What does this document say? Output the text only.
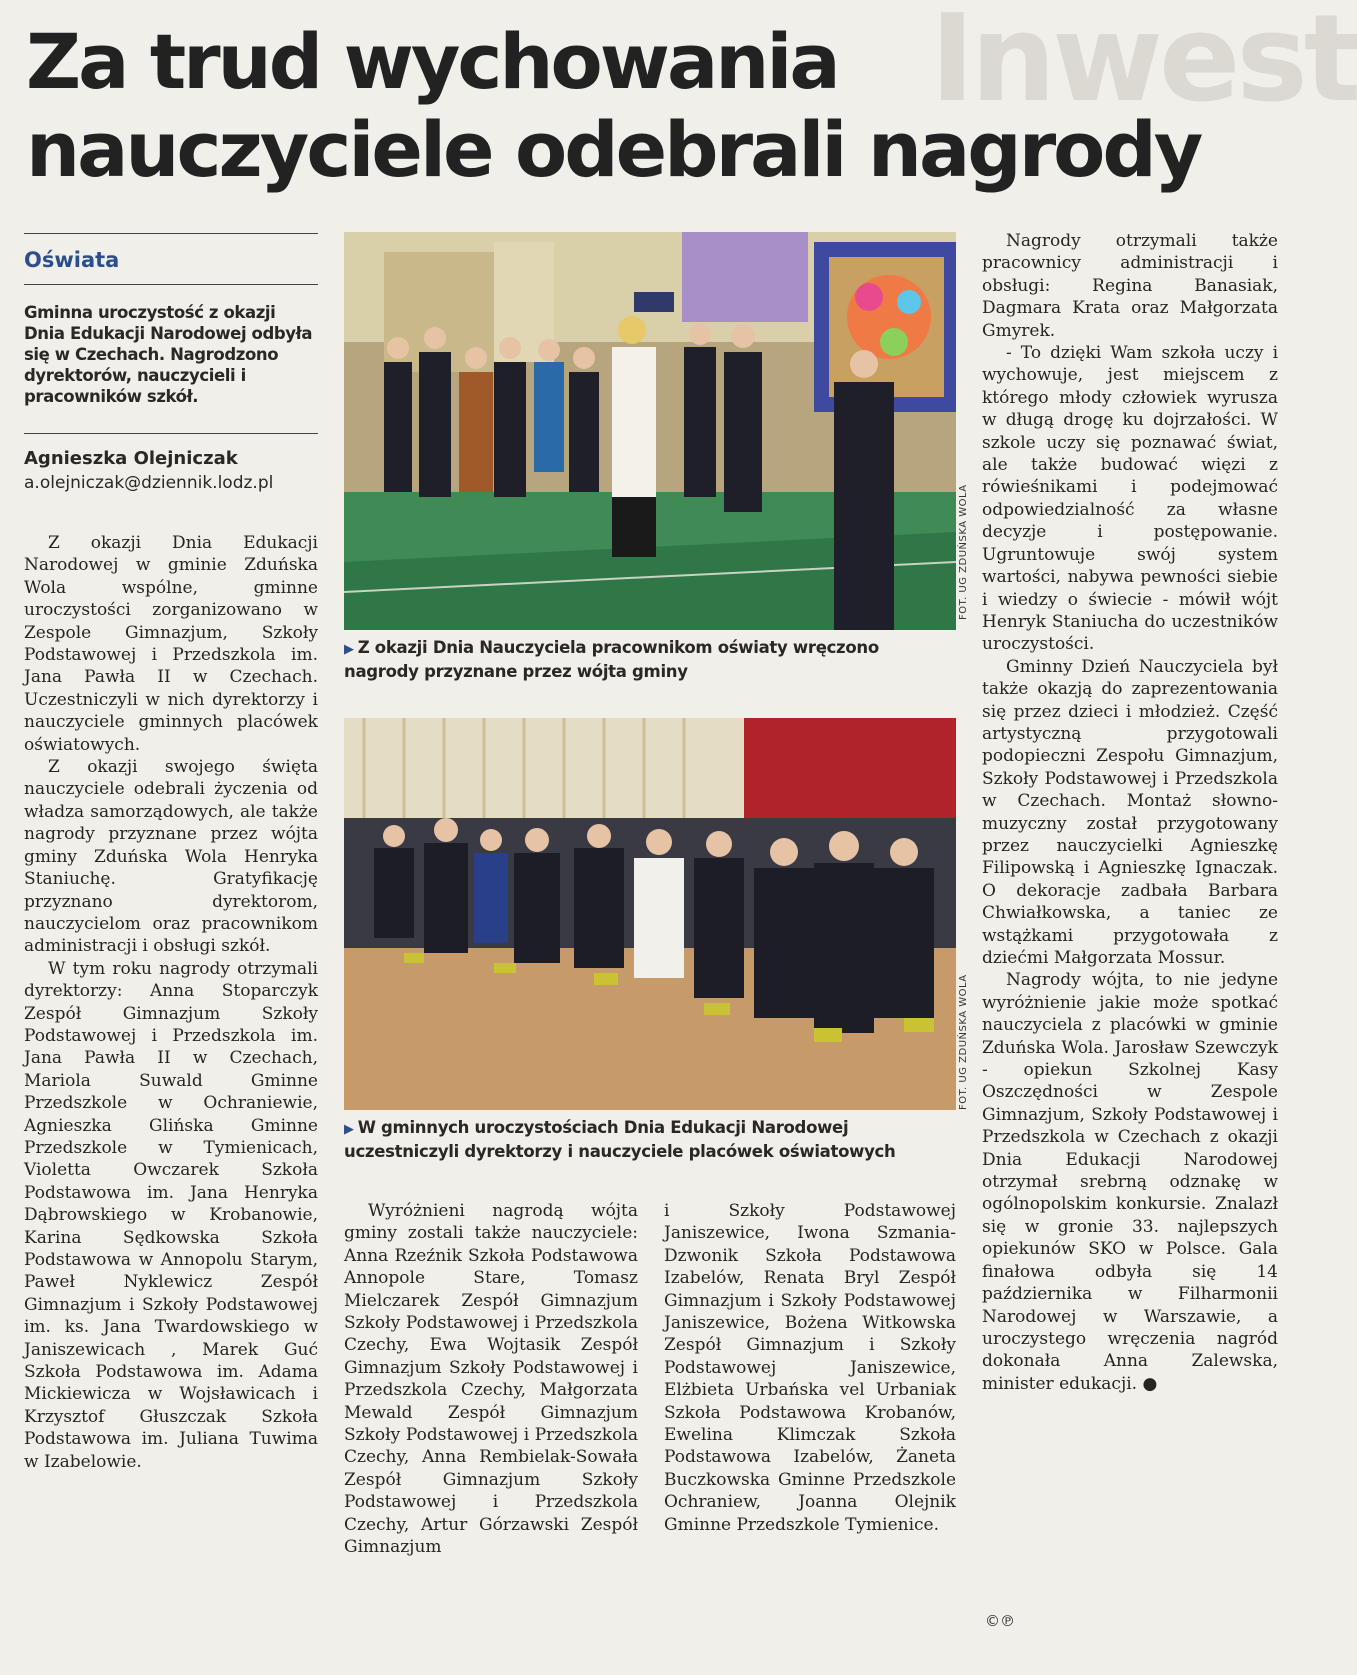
Inwest
Za trud wychowania nauczyciele odebrali nagrody
Oświata

Gminna uroczystość z okazji Dnia Edukacji Narodowej odbyła się w Czechach. Nagrodzono dyrektorów, nauczycieli i pracowników szkół.

Agnieszka Olejniczak
a.olejniczak@dziennik.lodz.pl

Z okazji Dnia Edukacji Narodowej w gminie Zduńska Wola wspólne, gminne uroczystości zorganizowano w Zespole Gimnazjum, Szkoły Podstawowej i Przedszkola im. Jana Pawła II w Czechach. Uczestniczyli w nich dyrektorzy i nauczyciele gminnych placówek oświatowych.

Z okazji swojego święta nauczyciele odebrali życzenia od władza samorządowych, ale także nagrody przyznane przez wójta gminy Zduńska Wola Henryka Staniuchę. Gratyfikację przyznano dyrektorom, nauczycielom oraz pracownikom administracji i obsługi szkół.

W tym roku nagrody otrzymali dyrektorzy: Anna Stoparczyk Zespół Gimnazjum Szkoły Podstawowej i Przedszkola im. Jana Pawła II w Czechach, Mariola Suwald Gminne Przedszkole w Ochraniewie, Agnieszka Glińska Gminne Przedszkole w Tymienicach, Violetta Owczarek Szkoła Podstawowa im. Jana Henryka Dąbrowskiego w Krobanowie, Karina Sędkowska Szkoła Podstawowa w Annopolu Starym, Paweł Nyklewicz Zespół Gimnazjum i Szkoły Podstawowej im. ks. Jana Twardowskiego w Janiszewicach , Marek Guć Szkoła Podstawowa im. Adama Mickiewicza w Wojsławicach i Krzysztof Głuszczak Szkoła Podstawowa im. Juliana Tuwima w Izabelowie.

FOT. UG ZDUŃSKA WOLA

▶ Z okazji Dnia Nauczyciela pracownikom oświaty wręczono nagrody przyznane przez wójta gminy

FOT. UG ZDUŃSKA WOLA

▶ W gminnych uroczystościach Dnia Edukacji Narodowej uczestniczyli dyrektorzy i nauczyciele placówek oświatowych

Wyróżnieni nagrodą wójta gminy zostali także nauczyciele: Anna Rzeźnik Szkoła Podstawowa Annopole Stare, Tomasz Mielczarek Zespół Gimnazjum Szkoły Podstawowej i Przedszkola Czechy, Ewa Wojtasik Zespół Gimnazjum Szkoły Podstawowej i Przedszkola Czechy, Małgorzata Mewald Zespół Gimnazjum Szkoły Podstawowej i Przedszkola Czechy, Anna Rembielak-Sowała Zespół Gimnazjum Szkoły Podstawowej i Przedszkola Czechy, Artur Górzawski Zespół Gimnazjum

i Szkoły Podstawowej Janiszewice, Iwona Szmania-Dzwonik Szkoła Podstawowa Izabelów, Renata Bryl Zespół Gimnazjum i Szkoły Podstawowej Janiszewice, Bożena Witkowska Zespół Gimnazjum i Szkoły Podstawowej Janiszewice, Elżbieta Urbańska vel Urbaniak Szkoła Podstawowa Krobanów, Ewelina Klimczak Szkoła Podstawowa Izabelów, Żaneta Buczkowska Gminne Przedszkole Ochraniew, Joanna Olejnik Gminne Przedszkole Tymienice.

Nagrody otrzymali także pracownicy administracji i obsługi: Regina Banasiak, Dagmara Krata oraz Małgorzata Gmyrek.

- To dzięki Wam szkoła uczy i wychowuje, jest miejscem z którego młody człowiek wyrusza w długą drogę ku dojrzałości. W szkole uczy się poznawać świat, ale także budować więzi z rówieśnikami i podejmować odpowiedzialność za własne decyzje i postępowanie. Ugruntowuje swój system wartości, nabywa pewności siebie i wiedzy o świecie - mówił wójt Henryk Staniucha do uczestników uroczystości.

Gminny Dzień Nauczyciela był także okazją do zaprezentowania się przez dzieci i młodzież. Część artystyczną przygotowali podopieczni Zespołu Gimnazjum, Szkoły Podstawowej i Przedszkola w Czechach. Montaż słowno-muzyczny został przygotowany przez nauczycielki Agnieszkę Filipowską i Agnieszkę Ignaczak. O dekoracje zadbała Barbara Chwiałkowska, a taniec ze wstążkami przygotowała z dziećmi Małgorzata Mossur.

Nagrody wójta, to nie jedyne wyróżnienie jakie może spotkać nauczyciela z placówki w gminie Zduńska Wola. Jarosław Szewczyk - opiekun Szkolnej Kasy Oszczędności w Zespole Gimnazjum, Szkoły Podstawowej i Przedszkola w Czechach z okazji Dnia Edukacji Narodowej otrzymał srebrną odznakę w ogólnopolskim konkursie. Znalazł się w gronie 33. najlepszych opiekunów SKO w Polsce. Gala finałowa odbyła się 14 października w Filharmonii Narodowej w Warszawie, a uroczystego wręczenia nagród dokonała Anna Zalewska, minister edukacji. ●

©℗
